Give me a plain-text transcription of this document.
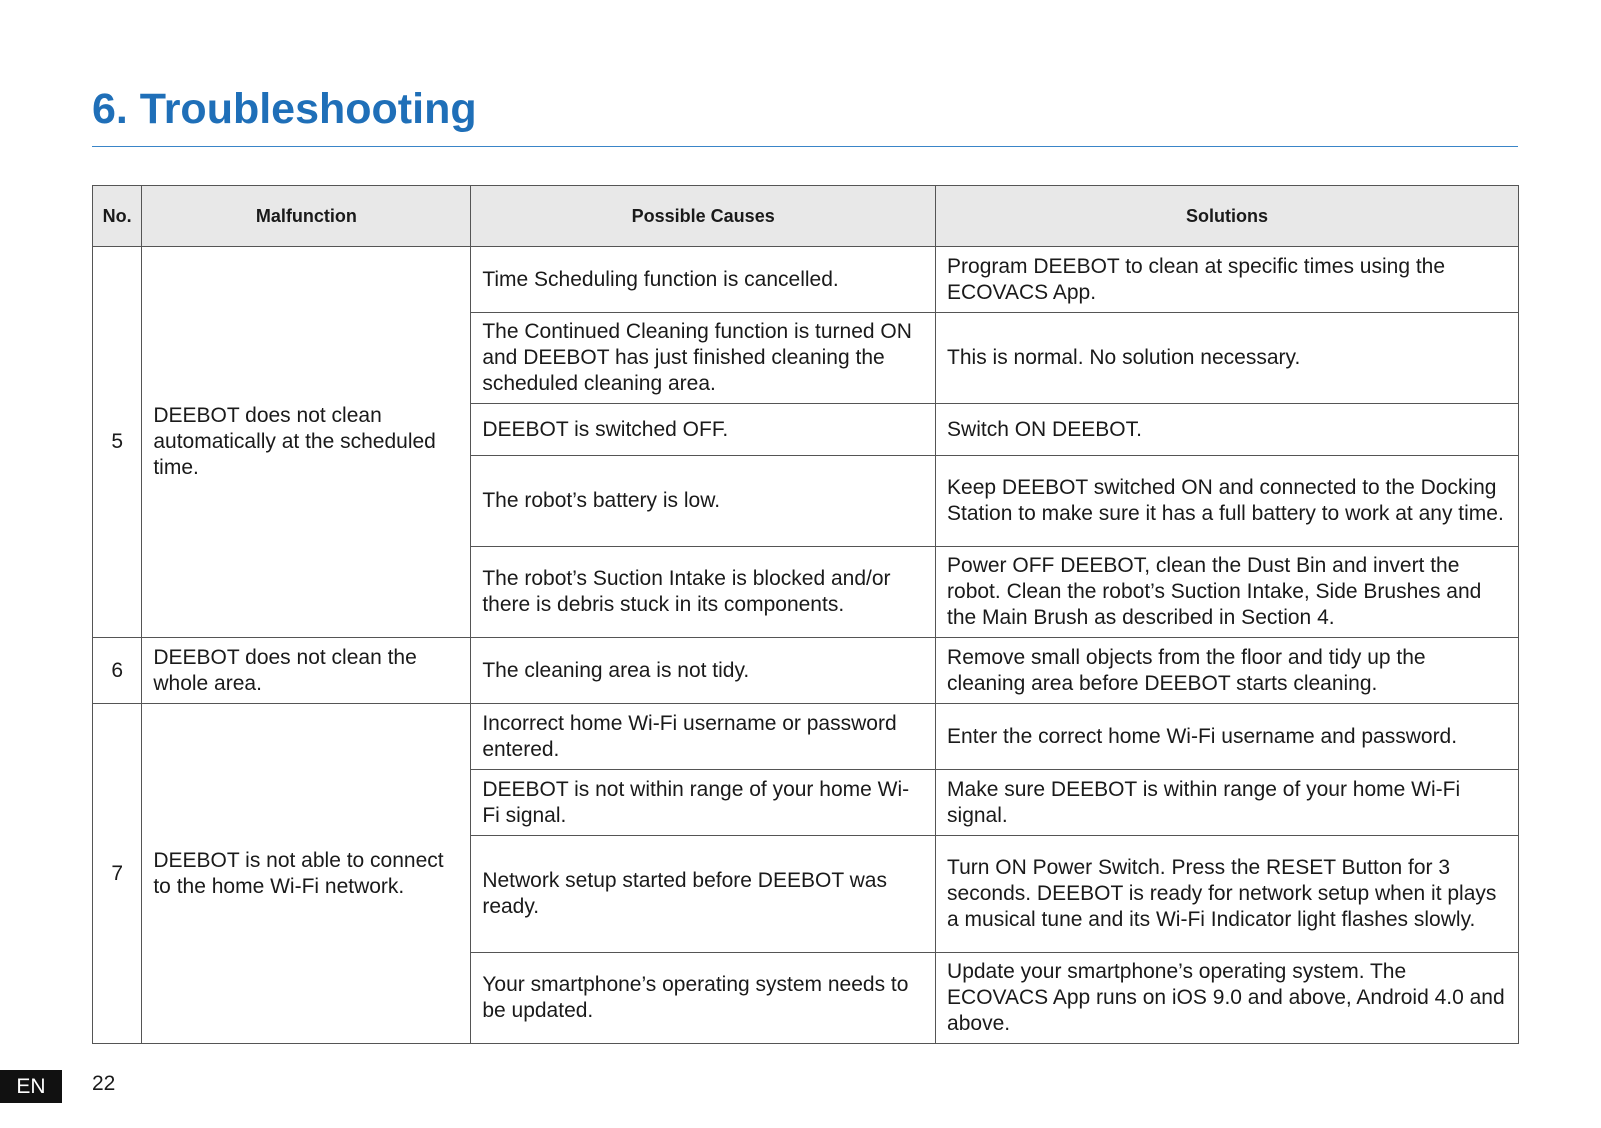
6. Troubleshooting
No.	Malfunction	Possible Causes	Solutions
5	DEEBOT does not clean automatically at the scheduled time.	Time Scheduling function is cancelled.	Program DEEBOT to clean at specific times using the ECOVACS App.
		The Continued Cleaning function is turned ON and DEEBOT has just finished cleaning the scheduled cleaning area.	This is normal. No solution necessary.
		DEEBOT is switched OFF.	Switch ON DEEBOT.
		The robot’s battery is low.	Keep DEEBOT switched ON and connected to the Docking Station to make sure it has a full battery to work at any time.
		The robot’s Suction Intake is blocked and/or there is debris stuck in its components.	Power OFF DEEBOT, clean the Dust Bin and invert the robot. Clean the robot’s Suction Intake, Side Brushes and the Main Brush as described in Section 4.
6	DEEBOT does not clean the whole area.	The cleaning area is not tidy.	Remove small objects from the floor and tidy up the cleaning area before DEEBOT starts cleaning.
7	DEEBOT is not able to connect to the home Wi-Fi network.	Incorrect home Wi-Fi username or password entered.	Enter the correct home Wi-Fi username and password.
		DEEBOT is not within range of your home Wi-Fi signal.	Make sure DEEBOT is within range of your home Wi-Fi signal.
		Network setup started before DEEBOT was ready.	Turn ON Power Switch. Press the RESET Button for 3 seconds. DEEBOT is ready for network setup when it plays a musical tune and its Wi-Fi Indicator light flashes slowly.
		Your smartphone’s operating system needs to be updated.	Update your smartphone’s operating system. The ECOVACS App runs on iOS 9.0 and above, Android 4.0 and above.
EN	22
